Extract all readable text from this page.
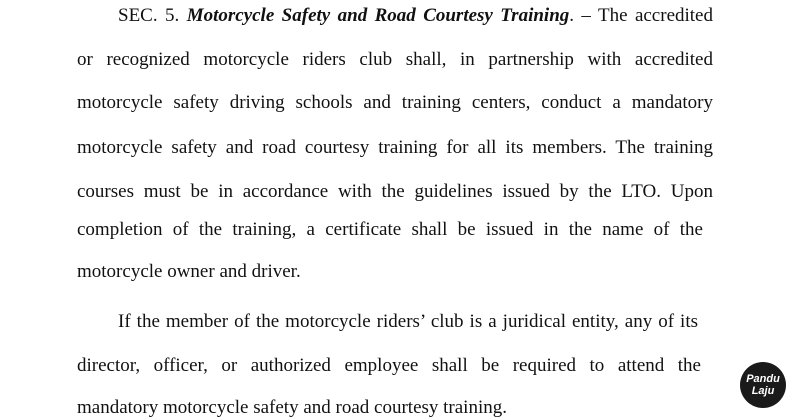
SEC. 5. Motorcycle Safety and Road Courtesy Training. – The accredited
or recognized motorcycle riders club shall, in partnership with accredited
motorcycle safety driving schools and training centers, conduct a mandatory
motorcycle safety and road courtesy training for all its members. The training
courses must be in accordance with the guidelines issued by the LTO. Upon
completion of the training, a certificate shall be issued in the name of the
motorcycle owner and driver.
If the member of the motorcycle riders’ club is a juridical entity, any of its
director, officer, or authorized employee shall be required to attend the
mandatory motorcycle safety and road courtesy training.
Pandu
Laju
